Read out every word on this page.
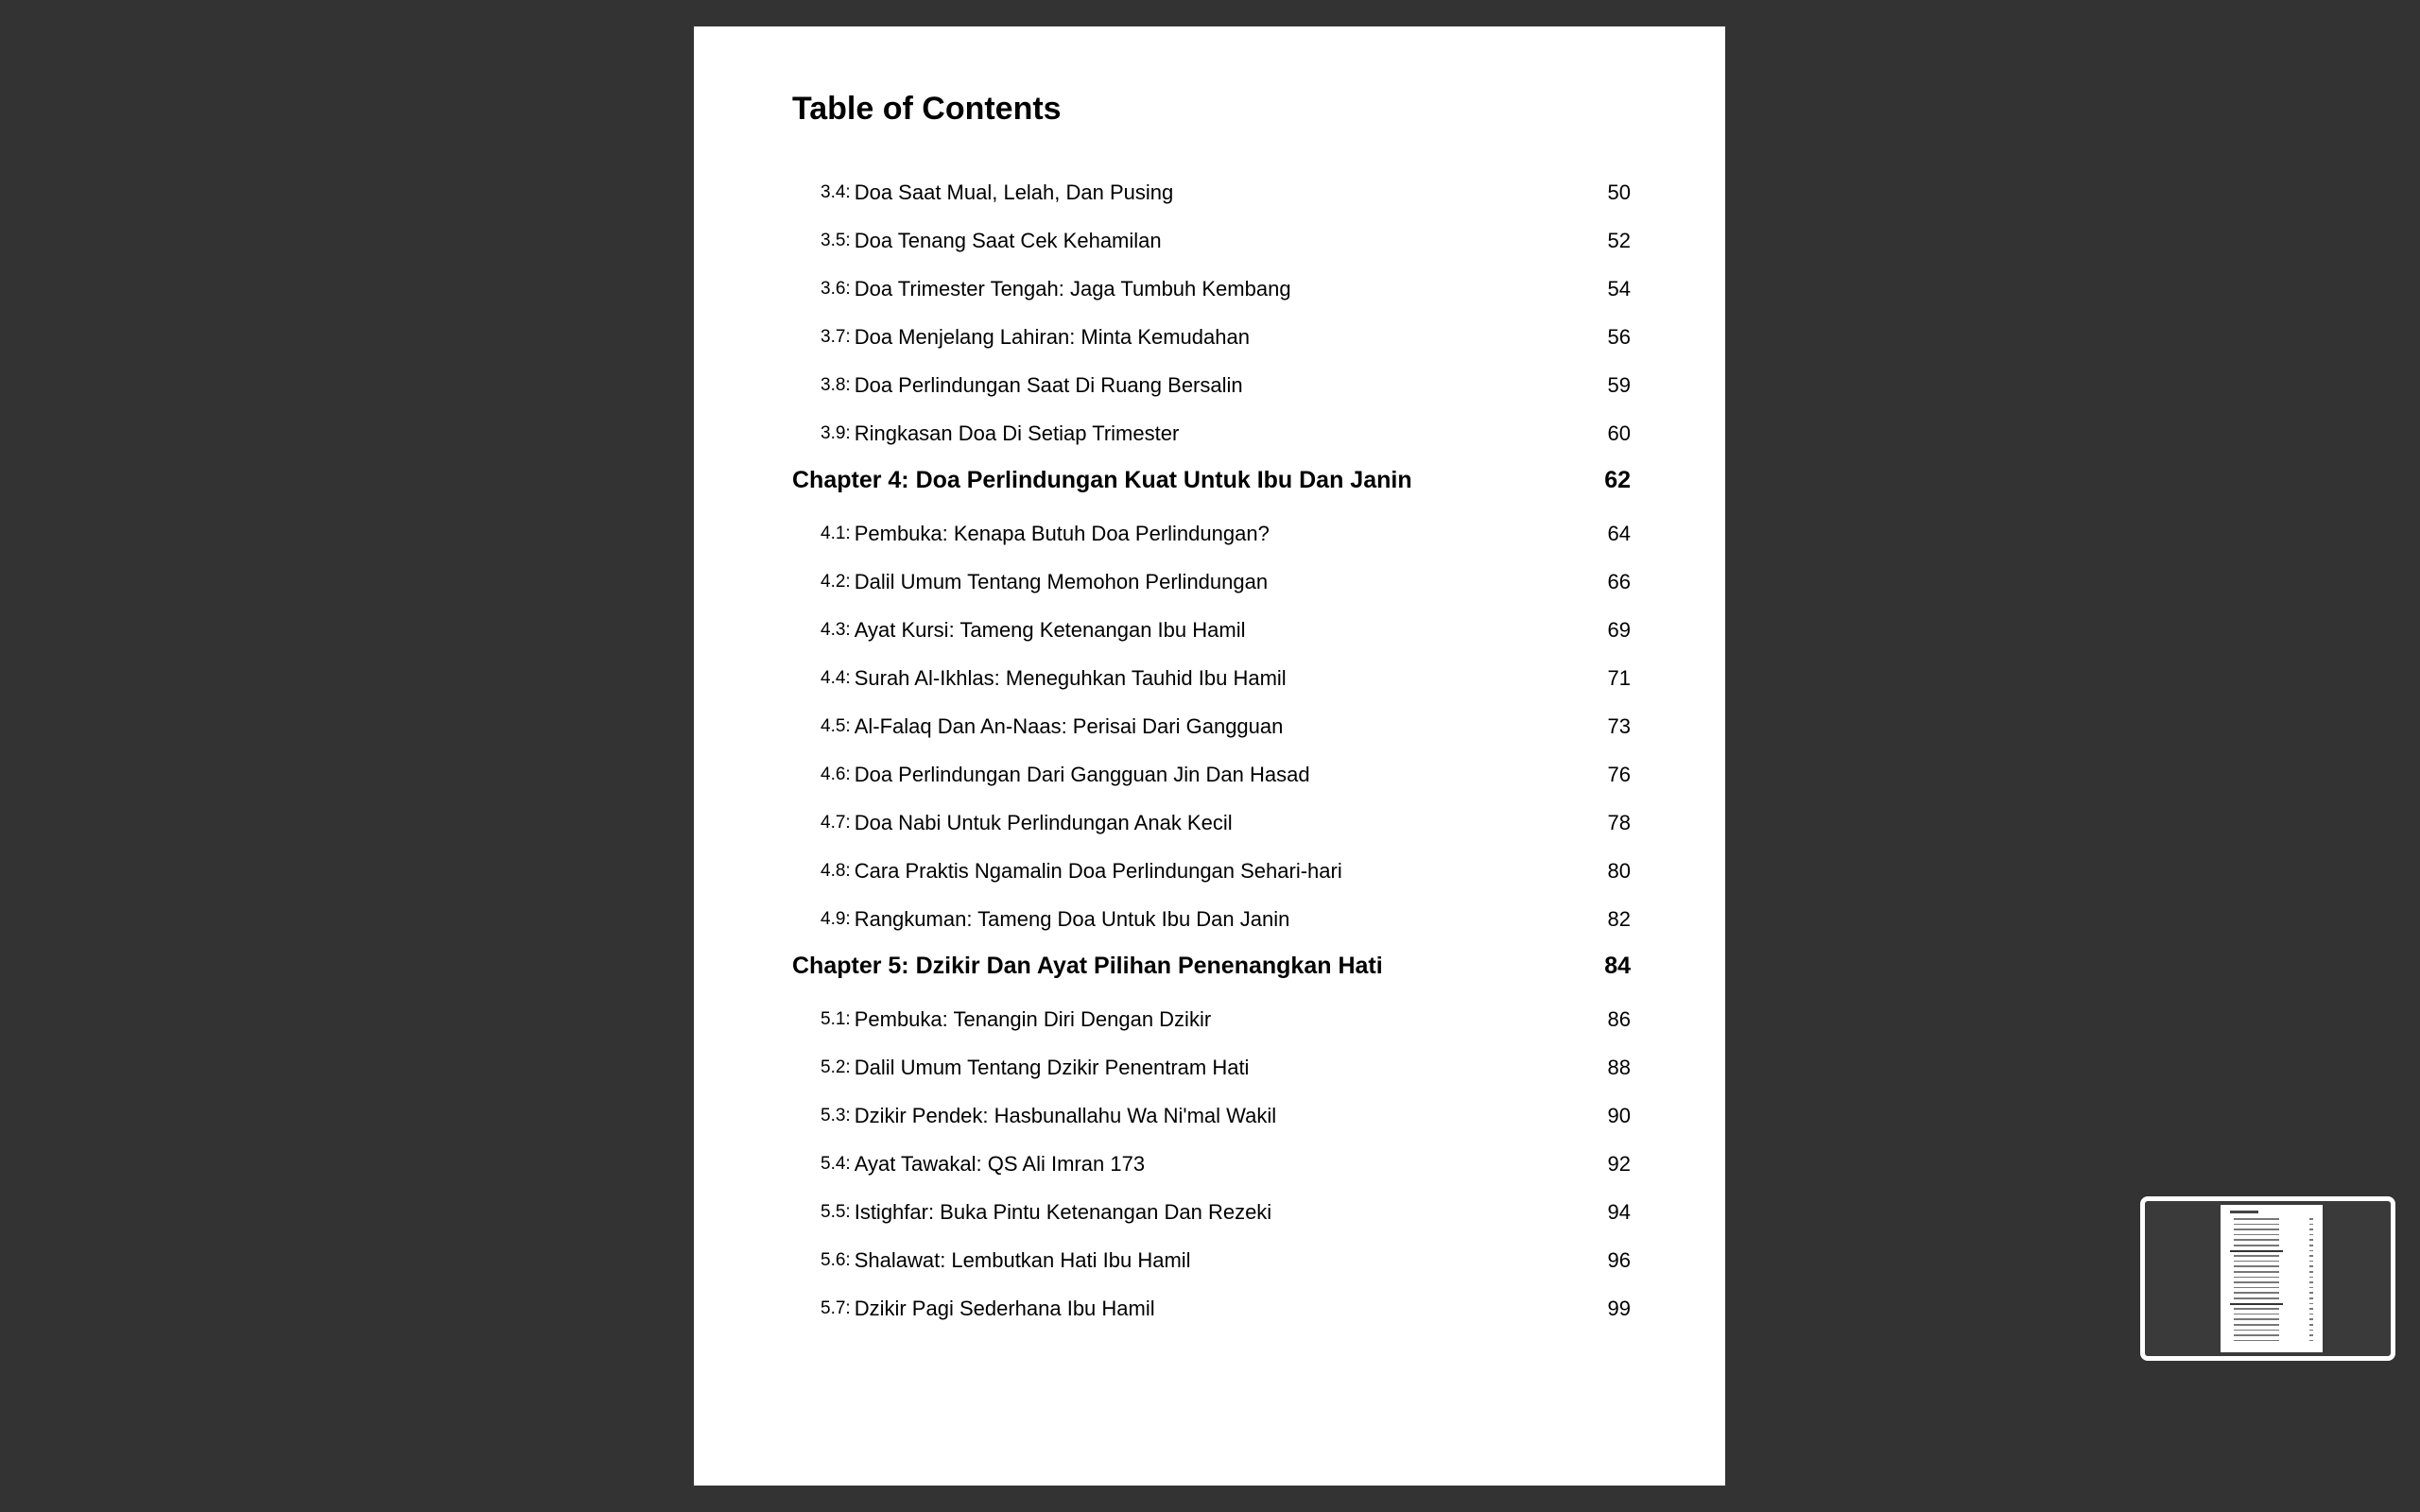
Table of Contents
3.4: Doa Saat Mual, Lelah, Dan Pusing	50
3.5: Doa Tenang Saat Cek Kehamilan	52
3.6: Doa Trimester Tengah: Jaga Tumbuh Kembang	54
3.7: Doa Menjelang Lahiran: Minta Kemudahan	56
3.8: Doa Perlindungan Saat Di Ruang Bersalin	59
3.9: Ringkasan Doa Di Setiap Trimester	60
Chapter 4: Doa Perlindungan Kuat Untuk Ibu Dan Janin	62
4.1: Pembuka: Kenapa Butuh Doa Perlindungan?	64
4.2: Dalil Umum Tentang Memohon Perlindungan	66
4.3: Ayat Kursi: Tameng Ketenangan Ibu Hamil	69
4.4: Surah Al-Ikhlas: Meneguhkan Tauhid Ibu Hamil	71
4.5: Al-Falaq Dan An-Naas: Perisai Dari Gangguan	73
4.6: Doa Perlindungan Dari Gangguan Jin Dan Hasad	76
4.7: Doa Nabi Untuk Perlindungan Anak Kecil	78
4.8: Cara Praktis Ngamalin Doa Perlindungan Sehari-hari	80
4.9: Rangkuman: Tameng Doa Untuk Ibu Dan Janin	82
Chapter 5: Dzikir Dan Ayat Pilihan Penenangkan Hati	84
5.1: Pembuka: Tenangin Diri Dengan Dzikir	86
5.2: Dalil Umum Tentang Dzikir Penentram Hati	88
5.3: Dzikir Pendek: Hasbunallahu Wa Ni'mal Wakil	90
5.4: Ayat Tawakal: QS Ali Imran 173	92
5.5: Istighfar: Buka Pintu Ketenangan Dan Rezeki	94
5.6: Shalawat: Lembutkan Hati Ibu Hamil	96
5.7: Dzikir Pagi Sederhana Ibu Hamil	99
